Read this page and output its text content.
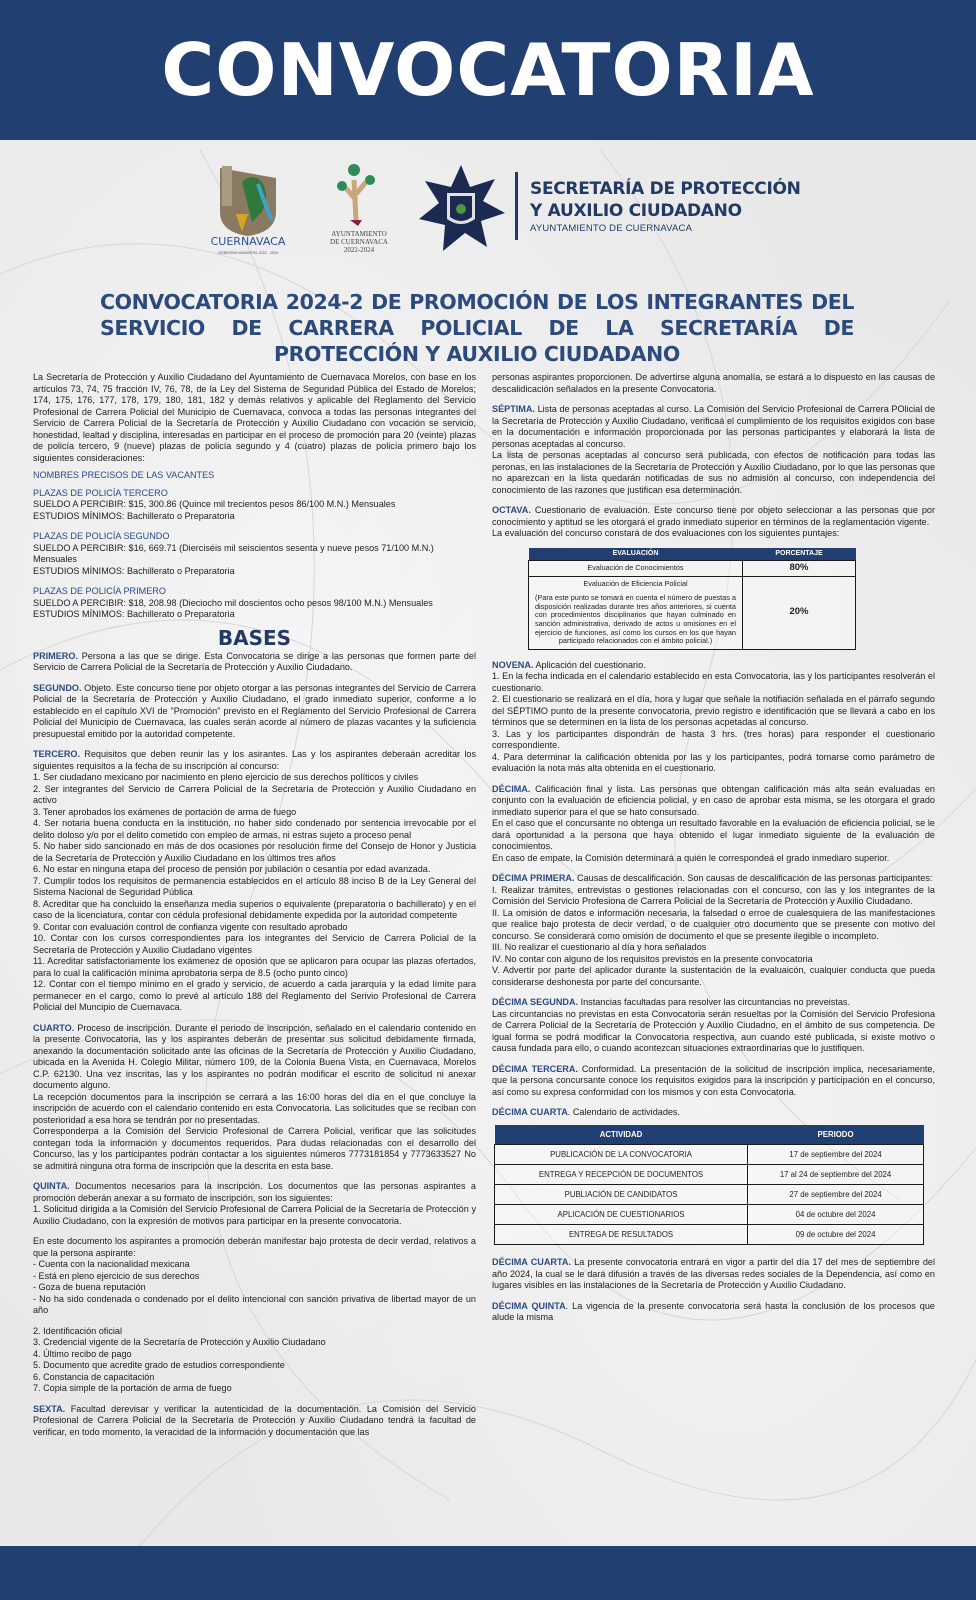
CONVOCATORIA
CUERNAVACA
GOBIERNO MUNICIPAL 2022 - 2024
AYUNTAMIENTO
DE CUERNAVACA
2022-2024
SECRETARÍA DE PROTECCIÓN
Y AUXILIO CIUDADANO
AYUNTAMIENTO DE CUERNAVACA
CONVOCATORIA 2024-2 DE PROMOCIÓN DE LOS INTEGRANTES DEL SERVICIO DE CARRERA POLICIAL DE LA SECRETARÍA DE PROTECCIÓN Y AUXILIO CIUDADANO

La Secretaría de Protección y Auxilio Ciudadano del Ayuntamiento de Cuernavaca Morelos, con base en los artículos 73, 74, 75 fracción IV, 76, 78, de la Ley del Sistema de Seguridad Pública del Estado de Morelos; 174, 175, 176, 177, 178, 179, 180, 181, 182 y demás relativos y aplicable del Reglamento del Servicio Profesional de Carrera Policial del Municipio de Cuernavaca, convoca a todas las personas integrantes del Servicio de Carrera Policial de la Secretaría de Protección y Auxilio Ciudadano con vocación se servicio, honestidad, lealtad y disciplina, interesadas en participar en el proceso de promoción para 20 (veinte) plazas de policía tercero, 9 (nueve) plazas de policía segundo y 4 (cuatro) plazas de policía primero bajo los siguientes consideraciones:

NOMBRES PRECISOS DE LAS VACANTES
PLAZAS DE POLICÍA TERCERO
SUELDO A PERCIBIR: $15, 300.86 (Quince mil trecientos pesos 86/100 M.N.) Mensuales
ESTUDIOS MÍNIMOS: Bachillerato o Preparatoria
PLAZAS DE POLICÍA SEGUNDO
SUELDO A PERCIBIR: $16, 669.71 (Dierciséis mil seiscientos sesenta y nueve pesos 71/100 M.N.) Mensuales
ESTUDIOS MÍNIMOS: Bachillerato o Preparatoria
PLAZAS DE POLICÍA PRIMERO
SUELDO A PERCIBIR: $18, 208.98 (Dieciocho mil doscientos ocho pesos 98/100 M.N.) Mensuales
ESTUDIOS MÍNIMOS: Bachillerato o Preparatoria
BASES

PRIMERO. Persona a las que se dirige. Esta Convocatoria se dirige a las personas que formen parte del Servicio de Carrera Policial de la Secretaría de Protección y Auxilio Ciudadano.

SEGUNDO. Objeto. Este concurso tiene por objeto otorgar a las personas integrantes del Servicio de Carrera Policial de la Secretaría de Protección y Auxilio Ciudadano, el grado inmediato superior, conforme a lo establecido en el capítulo XVI de "Promoción" previsto en el Reglamento del Servicio Profesional de Carrera Policial del Municipio de Cuernavaca, las cuales serán acorde al número de plazas vacantes y la suficiencia presupuestal emitido por la autoridad competente.

TERCERO. Requisitos que deben reunir las y los asirantes. Las y los aspirantes deberaán acreditar los siguientes requisitos a la fecha de su inscripción al concurso:
1. Ser ciudadano mexicano por nacimiento en pleno ejercicio de sus derechos políticos y civiles
2. Ser integrantes del Servicio de Carrera Policial de la Secretaría de Protección y Auxilio Ciudadano en activo
3. Tener aprobados los exámenes de portación de arma de fuego
4. Ser notaria buena conducta en la institución, no haber sido condenado por sentencia irrevocable por el delito doloso y/o por el delito cometido con empleo de armas, ni estras sujeto a proceso penal
5. No haber sido sancionado en más de dos ocasiones por resolución firme del Consejo de Honor y Justicia de la Secretaría de Protección y Auxilio Ciudadano en los últimos tres años
6. No estar en ninguna etapa del proceso de pensión por jubilación o cesantía por edad avanzada.
7. Cumplir todos los requisitos de permanencia establecidos en el artículo 88 inciso B de la Ley General del Sistema Nacional de Seguridad Pública
8. Acreditar que ha concluido la enseñanza media superios o equivalente (preparatoria o bachillerato) y en el caso de la licenciatura, contar con cédula profesional debidamente expedida por la autoridad competente
9. Contar con evaluación control de confianza vigente con resultado aprobado
10. Contar con los cursos correspondientes para los integrantes del Servicio de Carrera Policial de la Secretaría de Protección y Auxilio Ciudadano vigentes
11. Acreditar satisfactoriamente los exámenez de oposión que se aplicaron para ocupar las plazas ofertados, para lo cual la calificación mínima aprobatoria serpa de 8.5 (ocho punto cinco)
12. Contar con el tiempo mínimo en el grado y servicio, de acuerdo a cada jararquía y la edad límite para permanecer en el cargo, como lo prevé al artículo 188 del Reglamento del Serivio Profesional de Carrera Policial del Muncipio de Cuernavaca.
CUARTO. Proceso de inscripción. Durante el periodo de inscripción, señalado en el calendario contenido en la presente Convocatoria, las y los aspirantes deberán de presentar sus solicitud debidamente firmada, anexando la documentación solicitado ante las oficinas de la Secretaría de Protección y Auxilio Ciudadano, ubicada en la Avenida H. Colegio Militar, número 109, de la Colonia Buena Vista, en Cuernavaca, Morelos C.P. 62130. Una vez inscritas, las y los aspirantes no podrán modificar el escrito de solicitud ni anexar documento alguno.
La recepción documentos para la inscripción se cerrará a las 16:00 horas del día en el que concluye la inscripción de acuerdo con el calendario contenido en esta Convocatoria. Las solicitudes que se reciban con posterioridad a esa hora se tendrán por no presentadas.
Corresponderpa a la Comisión del Servicio Profesional de Carrera Policial, verificar que las solicitudes contegan toda la información y documentos requeridos. Para dudas relacionadas con el desarrollo del Concurso, las y los participantes podrán contactar a los siguientes números 7773181854 y 7773633527 No se admitirá ninguna otra forma de inscripción que la descrita en esta base.
QUINTA. Documentos necesarios para la inscripción. Los documentos que las personas aspirantes a promoción deberán anexar a su formato de inscripción, son los siguientes:
1. Solicitud dirigida a la Comisión del Servicio Profesional de Carrera Policial de la Secretaría de Protección y Auxilio Ciudadano, con la expresión de motivos para participar en la presente convocatoria.
En este documento los aspirantes a promoción deberán manifestar bajo protesta de decir verdad, relativos a que la persona aspirante:
- Cuenta con la nacionalidad mexicana
- Está en pleno ejercicio de sus derechos
- Goza de buena reputación
- No ha sido condenada o condenado por el delito intencional con sanción privativa de libertad mayor de un año
2. Identificación oficial
3. Credencial vigente de la Secretaría de Protección y Auxilio Ciudadano
4. Último recibo de pago
5. Documento que acredite grado de estudios correspondiente
6. Constancia de capacitación
7. Copia simple de la portación de arma de fuego

SEXTA. Facultad derevisar y verificar la autenticidad de la documentación. La Comisión del Servicio Profesional de Carrera Policial de la Secretaría de Protección y Auxilio Ciudadano tendrá la facultad de verificar, en todo momento, la veracidad de la información y documentación que las

personas aspirantes proporcionen. De advertirse alguna anomalía, se estará a lo dispuesto en las causas de descalidicación señalados en la presente Convocatoria.

SÉPTIMA. Lista de personas aceptadas al curso. La Comisión del Servicio Profesional de Carrera POlicial de la Secretaría de Protección y Auxilio Ciudadano, verificaá el cumplimiento de los requisitos exigidos con base en la documentación e información proporcionada por las personas participantes y elaborará la lista de personas aceptadas al concurso.
La lista de personas aceptadas al concurso será publicada, con efectos de notificación para todas las peronas, en las instalaciones de la Secretaría de Protección y Auxilio Ciudadano, por lo que las personas que no aparezcan en la lista quedarán notificadas de sus no admisión al concurso, con independencia del conocimiento de las razones que justifican esa determinación.
OCTAVA. Cuestionario de evaluación. Este concurso tiene por objeto seleccionar a las personas que por conocimiento y aptitud se les otorgará el grado inmediato superior en términos de la reglamentación vigente.
La evaluación del concurso constará de dos evaluaciones con los siguientes puntajes:
EVALUACIÓN	PORCENTAJE
Evaluación de Conocimientos	80%

Evaluación de Eficiencia Policial
(Para este punto se tomará en cuenta el número de puestas a disposición realizadas durante tres años anteriores, si cuenta con procedimientos disciplinarios que hayan culminado en sanción administrativa, derivado de actos u omisiones en el ejercicio de funciones, así como los cursos en los que hayan participado relacionados con el ámbito policial.)	20%
NOVENA. Aplicación del cuestionario.
1. En la fecha indicada en el calendario establecido en esta Convocatoria, las y los participantes resolverán el cuestionario.
2. El cuestionario se realizará en el día, hora y lugar que señale la notifiación señalada en el párrafo segundo del SÉPTIMO punto de la presente convocatoria, previo registro e identificación que se llevará a cabo en los términos que se determinen en la lista de los personas acpetadas al concurso.
3. Las y los participantes dispondrán de hasta 3 hrs. (tres horas) para responder el cuestionario correspondiente.
4. Para determinar la calificación obtenida por las y los participantes, podrá tomarse como parámetro de evaluación la nota más alta obtenida en el cuestionario.
DÉCIMA. Calificación final y lista. Las personas que obtengan calificación más alta seán evaluadas en conjunto con la evaluación de eficiencia policial, y en caso de aprobar esta misma, se les otorgara el grado inmediato superior para el que se hato consursado.
En el caso que el concursante no obtenga un resultado favorable en la evaluación de eficiencia policial, se le dará oportunidad a la persona que haya obtenido el lugar inmediato siguiente de la evaluación de conocimientos.
En caso de empate, la Comisión determinará a quién le correspondeá el grado inmediaro superior.
DÉCIMA PRIMERA. Causas de descalificación. Son causas de descalificación de las personas participantes:
I. Realizar trámites, entrevistas o gestiones relacionadas con el concurso, con las y los integrantes de la Comisión del Servicio Profesiona de Carrera Policial de la Secretaría de Protección y Auxilio Ciudadano.
II. La omisión de datos e información necesaria, la falsedad o erroe de cualesquiera de las manifestaciones que realice bajo protesta de decir verdad, o de cualquier otro documento que se presente con motivo del concurso. Se considerará como omisión de documento el que se presente ilegible o incompleto.
III. No realizar el cuestionario al día y hora señalados
IV. No contar con alguno de los requisitos previstos en la presente convocatoria
V. Advertir por parte del aplicador durante la sustentación de la evaluaicón, cualquier conducta que pueda considerarse deshonesta por parte del concursante.
DÉCIMA SEGUNDA. Instancias facultadas para resolver las circuntancias no preveistas.
Las circuntancias no previstas en esta Convocatoria serán resueltas por la Comisión del Servicio Profesiona de Carrera Policial de la Secretaría de Protección y Auxilio Ciudadno, en el ámbito de sus competencia. De igual forma se podrá modificar la Convocatoria respectiva, aun cuando esté publicada, si existe motivo o causa fundada para ello, o cuando acontezcan situaciones extraordinarias que lo justifiquen.

DÉCIMA TERCERA. Conformidad. La presentación de la solicitud de inscripción implica, necesariamente, que la persona concursante conoce los requisitos exigidos para la inscripción y participación en el concurso, así como su expresa conformidad con los mismos y con esta Convocatoria.

DÉCIMA CUARTA. Calendario de actividades.
ACTIVIDAD	PERIODO
PUBLICACIÓN DE LA CONVOCATORIA	17 de septiembre del 2024
ENTREGA Y RECEPCIÓN DE DOCUMENTOS	17 al 24 de septiembre del 2024
PUBLIACIÓN DE CANDIDATOS	27 de septiembre del 2024
APLICACIÓN DE CUESTIONARIOS	04 de octubre del 2024
ENTREGA DE RESULTADOS	09 de octubre del 2024

DÉCIMA CUARTA. La presente convocatoria entrará en vigor a partir del día 17 del mes de septiembre del año 2024, la cual se le dará difusión a través de las diversas redes sociales de la Dependencia, así como en lugares visibles en las instalaciones de la Secretaría de Protección y Auxilio Ciudadano.

DÉCIMA QUINTA. La vigencia de la presente convocatoria será hasta la conclusión de los procesos que alude la misma
